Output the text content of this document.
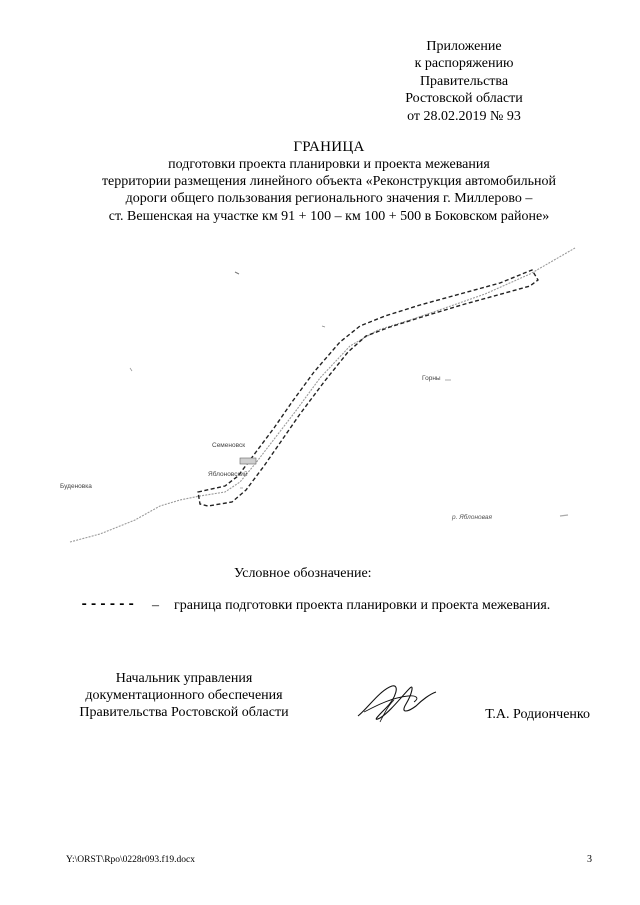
Приложение
к распоряжению
Правительства
Ростовской области
от 28.02.2019 № 93
ГРАНИЦА
подготовки проекта планировки и проекта межевания
территории размещения линейного объекта «Реконструкция автомобильной
дороги общего пользования регионального значения г. Миллерово –
ст. Вешенская на участке км 91 + 100 – км 100 + 500 в Боковском районе»
Горны
Семеновск
Яблоновский
Буденовка
р. Яблоновая
Условное обозначение:
------ – граница подготовки проекта планировки и проекта межевания.
Начальник управления
документационного обеспечения
Правительства Ростовской области	Т.А. Родионченко
Y:\ORST\Rpo\0228r093.f19.docx	3
